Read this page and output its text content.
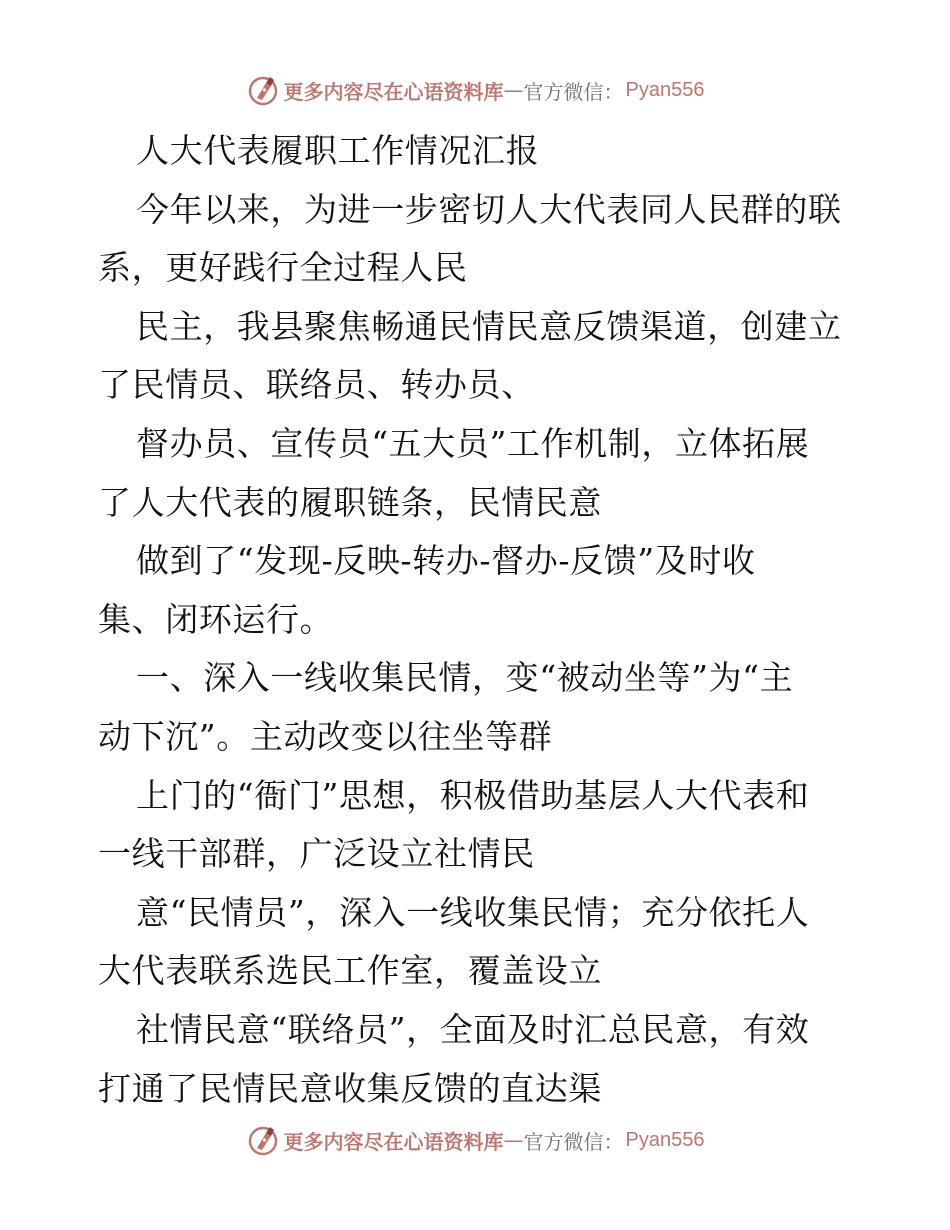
更多内容尽在心语资料库 — 官方微信： Pyan556
人大代表履职工作情况汇报
今年以来，为进一步密切人大代表同人民群的联
系，更好践行全过程人民
民主，我县聚焦畅通民情民意反馈渠道，创建立
了民情员、联络员、转办员、
督办员、宣传员“五大员”工作机制，立体拓展
了人大代表的履职链条，民情民意
做到了“发现-反映-转办-督办-反馈”及时收
集、闭环运行。
一、深入一线收集民情，变“被动坐等”为“主
动下沉”。主动改变以往坐等群
上门的“衙门”思想，积极借助基层人大代表和
一线干部群，广泛设立社情民
意“民情员”，深入一线收集民情；充分依托人
大代表联系选民工作室，覆盖设立
社情民意“联络员”，全面及时汇总民意，有效
打通了民情民意收集反馈的直达渠
更多内容尽在心语资料库 — 官方微信： Pyan556
